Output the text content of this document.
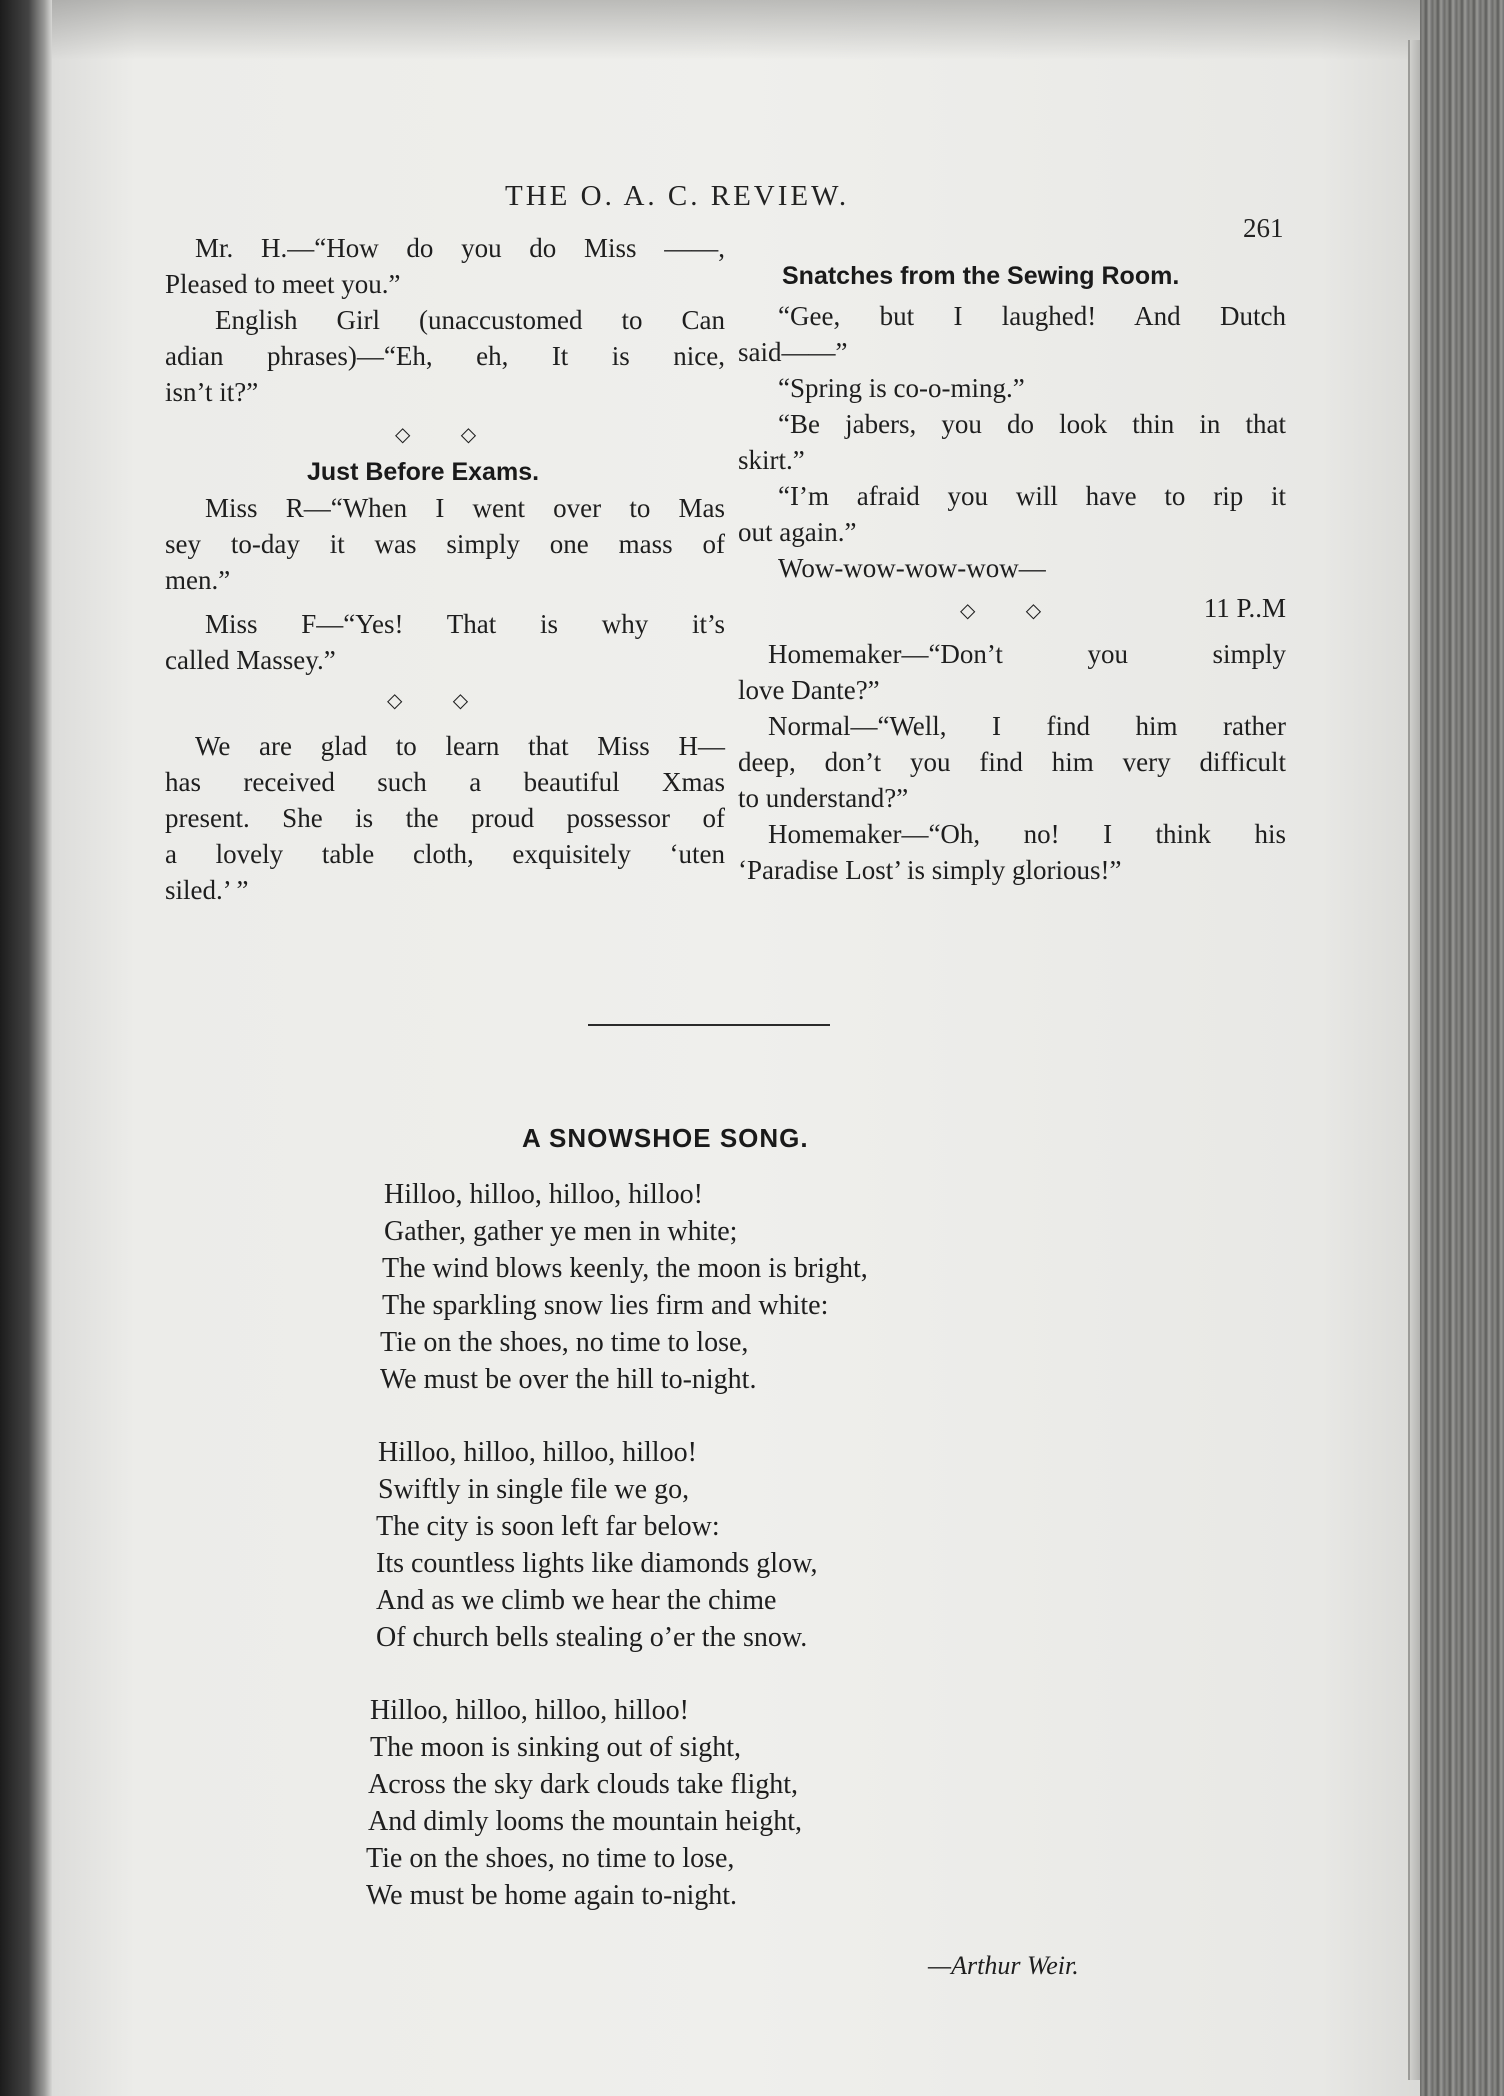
THE O. A. C. REVIEW.
261
Mr. H.—“How do you do Miss ——,
Pleased to meet you.”
English Girl (unaccustomed to Can
adian phrases)—“Eh, eh, It is nice,
isn’t it?”
◇ ◇
Just Before Exams.
Miss R—“When I went over to Mas
sey to-day it was simply one mass of
men.”
Miss F—“Yes! That is why it’s
called Massey.”
◇ ◇
We are glad to learn that Miss H—
has received such a beautiful Xmas
present. She is the proud possessor of
a lovely table cloth, exquisitely ‘uten
siled.’ ”
Snatches from the Sewing Room.
“Gee, but I laughed! And Dutch
said——”
“Spring is co-o-ming.”
“Be jabers, you do look thin in that
skirt.”
“I’m afraid you will have to rip it
out again.”
Wow-wow-wow-wow—
◇ ◇	11 P..M
Homemaker—“Don’t you simply
love Dante?”
Normal—“Well, I find him rather
deep, don’t you find him very difficult
to understand?”
Homemaker—“Oh, no! I think his
‘Paradise Lost’ is simply glorious!”
A SNOWSHOE SONG.
Hilloo, hilloo, hilloo, hilloo!
Gather, gather ye men in white;
The wind blows keenly, the moon is bright,
The sparkling snow lies firm and white:
Tie on the shoes, no time to lose,
We must be over the hill to-night.
Hilloo, hilloo, hilloo, hilloo!
Swiftly in single file we go,
The city is soon left far below:
Its countless lights like diamonds glow,
And as we climb we hear the chime
Of church bells stealing o’er the snow.
Hilloo, hilloo, hilloo, hilloo!
The moon is sinking out of sight,
Across the sky dark clouds take flight,
And dimly looms the mountain height,
Tie on the shoes, no time to lose,
We must be home again to-night.
—Arthur Weir.
